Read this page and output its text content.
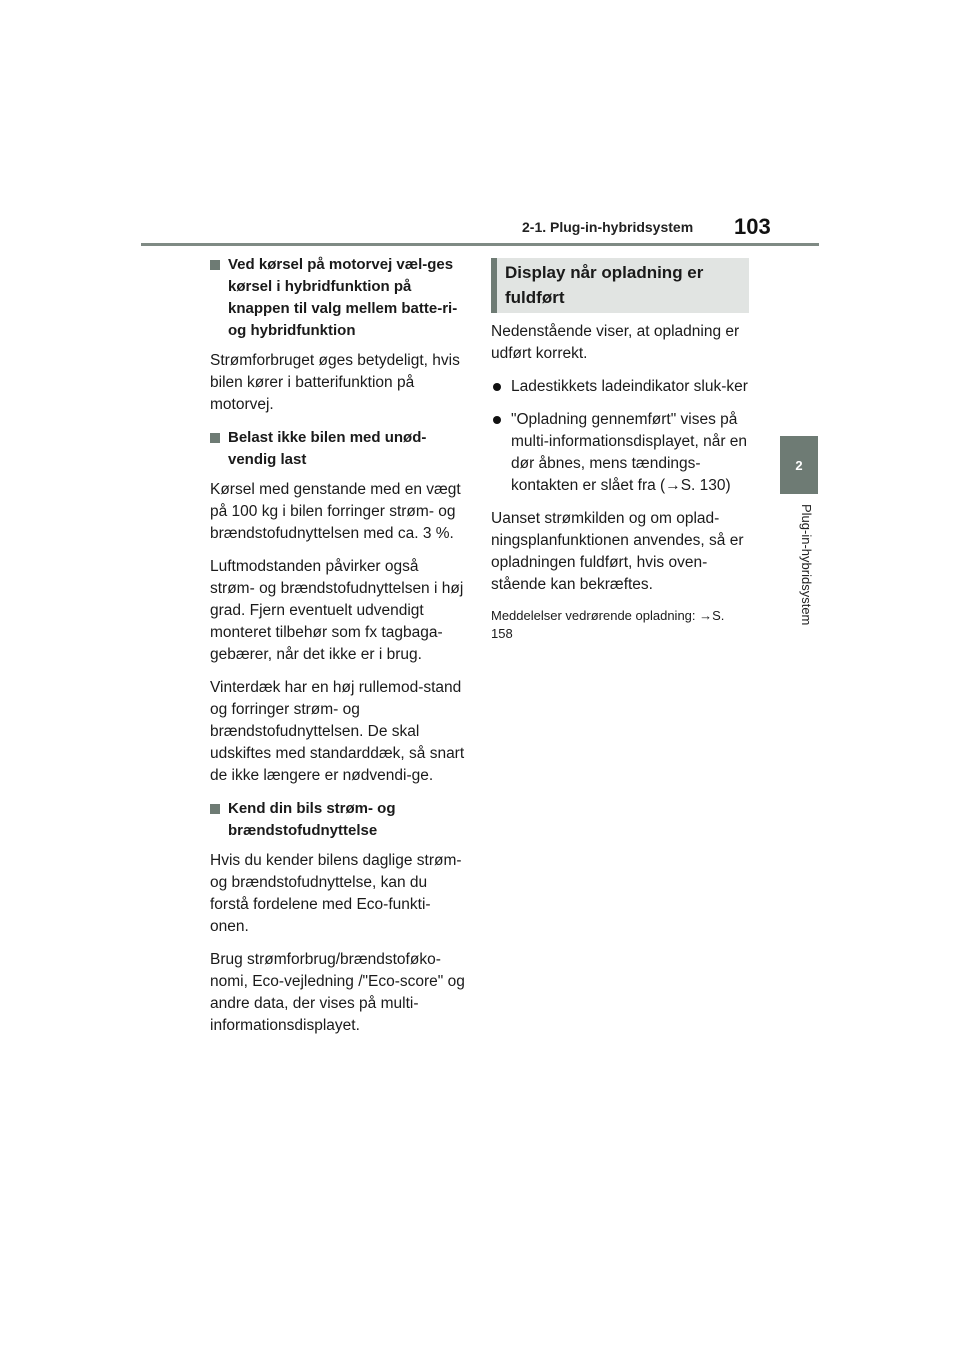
2-1. Plug-in-hybridsystem 103
2
Plug-in-hybridsystem
Ved kørsel på motorvej væl-ges kørsel i hybridfunktion på knappen til valg mellem batte-ri- og hybridfunktion

Strømforbruget øges betydeligt, hvis bilen kører i batterifunktion på motorvej.

Belast ikke bilen med unød-vendig last

Kørsel med genstande med en vægt på 100 kg i bilen forringer strøm- og brændstofudnyttelsen med ca. 3 %.

Luftmodstanden påvirker også strøm- og brændstofudnyttelsen i høj grad. Fjern eventuelt udvendigt monteret tilbehør som fx tagbaga-gebærer, når det ikke er i brug.

Vinterdæk har en høj rullemod-stand og forringer strøm- og brændstofudnyttelsen. De skal udskiftes med standarddæk, så snart de ikke længere er nødvendi-ge.

Kend din bils strøm- og brændstofudnyttelse

Hvis du kender bilens daglige strøm- og brændstofudnyttelse, kan du forstå fordelene med Eco-funkti-onen.

Brug strømforbrug/brændstoføko-nomi, Eco-vejledning /"Eco-score" og andre data, der vises på multi-informationsdisplayet.

Display når opladning er fuldført

Nedenstående viser, at opladning er udført korrekt.

Ladestikkets ladeindikator sluk-ker
"Opladning gennemført" vises på multi-informationsdisplayet, når en dør åbnes, mens tændings-kontakten er slået fra (→S. 130)

Uanset strømkilden og om oplad-ningsplanfunktionen anvendes, så er opladningen fuldført, hvis oven-stående kan bekræftes.

Meddelelser vedrørende opladning: →S. 158
